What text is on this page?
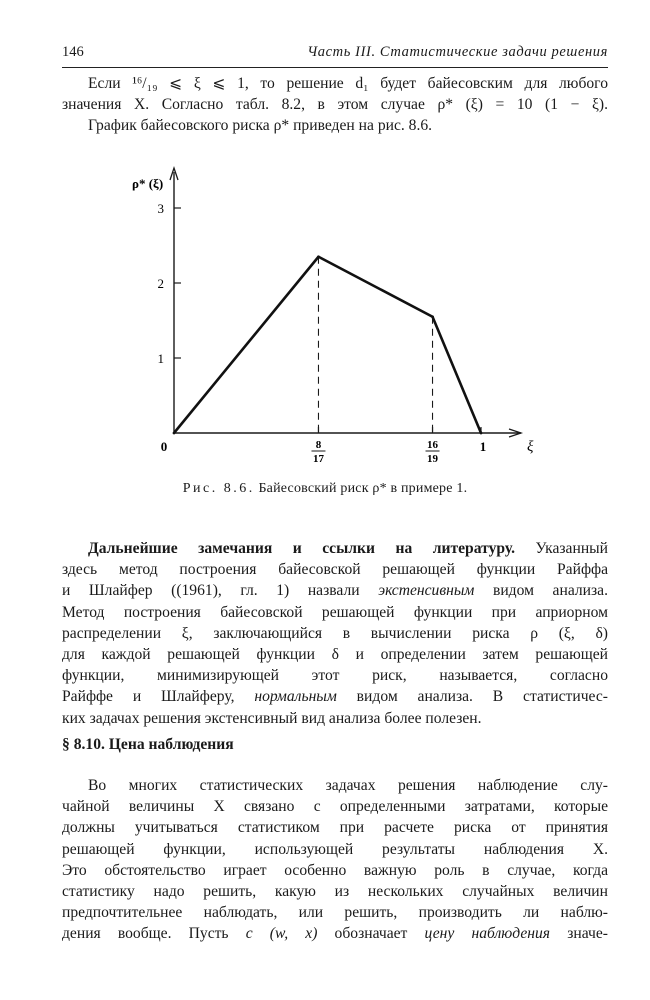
146	Часть III. Статистические задачи решения
Если ¹⁶/₁₉ ⩽ ξ ⩽ 1, то решение d₁ будет байесовским для любого
значения X. Согласно табл. 8.2, в этом случае ρ* (ξ) = 10 (1 − ξ).
График байесовского риска ρ* приведен на рис. 8.6.
ρ* (ξ)
ξ
1
2
3
0	8
17
16
19
1
Рис. 8.6. Байесовский риск ρ* в примере 1.
Дальнейшие замечания и ссылки на литературу. Указанный
здесь метод построения байесовской решающей функции Райффа
и Шлайфер ((1961), гл. 1) назвали экстенсивным видом анализа.
Метод построения байесовской решающей функции при априорном
распределении ξ, заключающийся в вычислении риска ρ (ξ, δ)
для каждой решающей функции δ и определении затем решающей
функции, минимизирующей этот риск, называется, согласно
Райффе и Шлайферу, нормальным видом анализа. В статистичес-
ких задачах решения экстенсивный вид анализа более полезен.
§ 8.10. Цена наблюдения
Во многих статистических задачах решения наблюдение слу-
чайной величины X связано с определенными затратами, которые
должны учитываться статистиком при расчете риска от принятия
решающей функции, использующей результаты наблюдения X.
Это обстоятельство играет особенно важную роль в случае, когда
статистику надо решить, какую из нескольких случайных величин
предпочтительнее наблюдать, или решить, производить ли наблю-
дения вообще. Пусть c (w, x) обозначает цену наблюдения значе-
